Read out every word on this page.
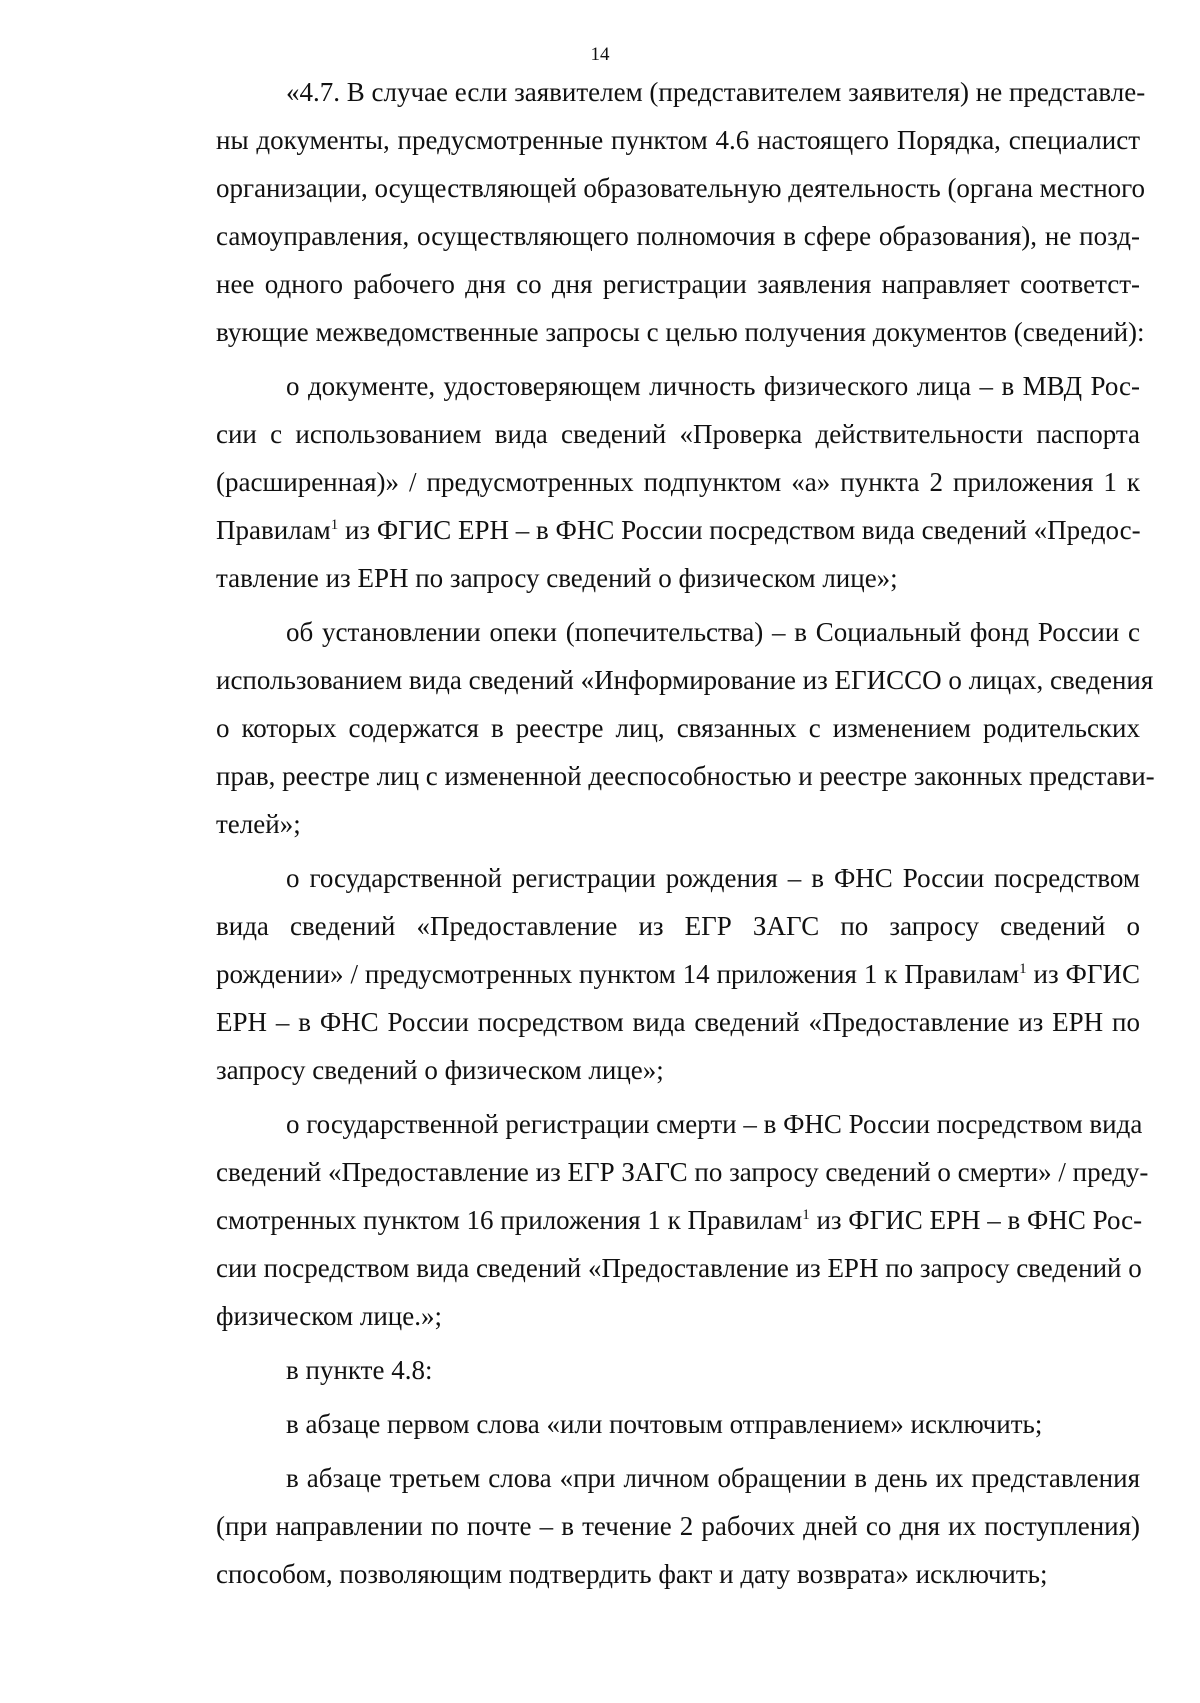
14
«4.7. В случае если заявителем (представителем заявителя) не представле-
ны документы, предусмотренные пунктом 4.6 настоящего Порядка, специалист
организации, осуществляющей образовательную деятельность (органа местного
самоуправления, осуществляющего полномочия в сфере образования), не позд-
нее одного рабочего дня со дня регистрации заявления направляет соответст-
вующие межведомственные запросы с целью получения документов (сведений):
о документе, удостоверяющем личность физического лица – в МВД Рос-
сии с использованием вида сведений «Проверка действительности паспорта
(расширенная)» / предусмотренных подпунктом «а» пункта 2 приложения 1 к
Правилам$^1$ из ФГИС ЕРН – в ФНС России посредством вида сведений «Предос-
тавление из ЕРН по запросу сведений о физическом лице»;
об установлении опеки (попечительства) – в Социальный фонд России с
использованием вида сведений «Информирование из ЕГИССО о лицах, сведения
о которых содержатся в реестре лиц, связанных с изменением родительских
прав, реестре лиц с измененной дееспособностью и реестре законных представи-
телей»;
о государственной регистрации рождения – в ФНС России посредством
вида сведений «Предоставление из ЕГР ЗАГС по запросу сведений о
рождении» / предусмотренных пунктом 14 приложения 1 к Правилам$^1$ из ФГИС
ЕРН – в ФНС России посредством вида сведений «Предоставление из ЕРН по
запросу сведений о физическом лице»;
о государственной регистрации смерти – в ФНС России посредством вида
сведений «Предоставление из ЕГР ЗАГС по запросу сведений о смерти» / преду-
смотренных пунктом 16 приложения 1 к Правилам$^1$ из ФГИС ЕРН – в ФНС Рос-
сии посредством вида сведений «Предоставление из ЕРН по запросу сведений о
физическом лице.»;
в пункте 4.8:
в абзаце первом слова «или почтовым отправлением» исключить;
в абзаце третьем слова «при личном обращении в день их представления
(при направлении по почте – в течение 2 рабочих дней со дня их поступления)
способом, позволяющим подтвердить факт и дату возврата» исключить;
